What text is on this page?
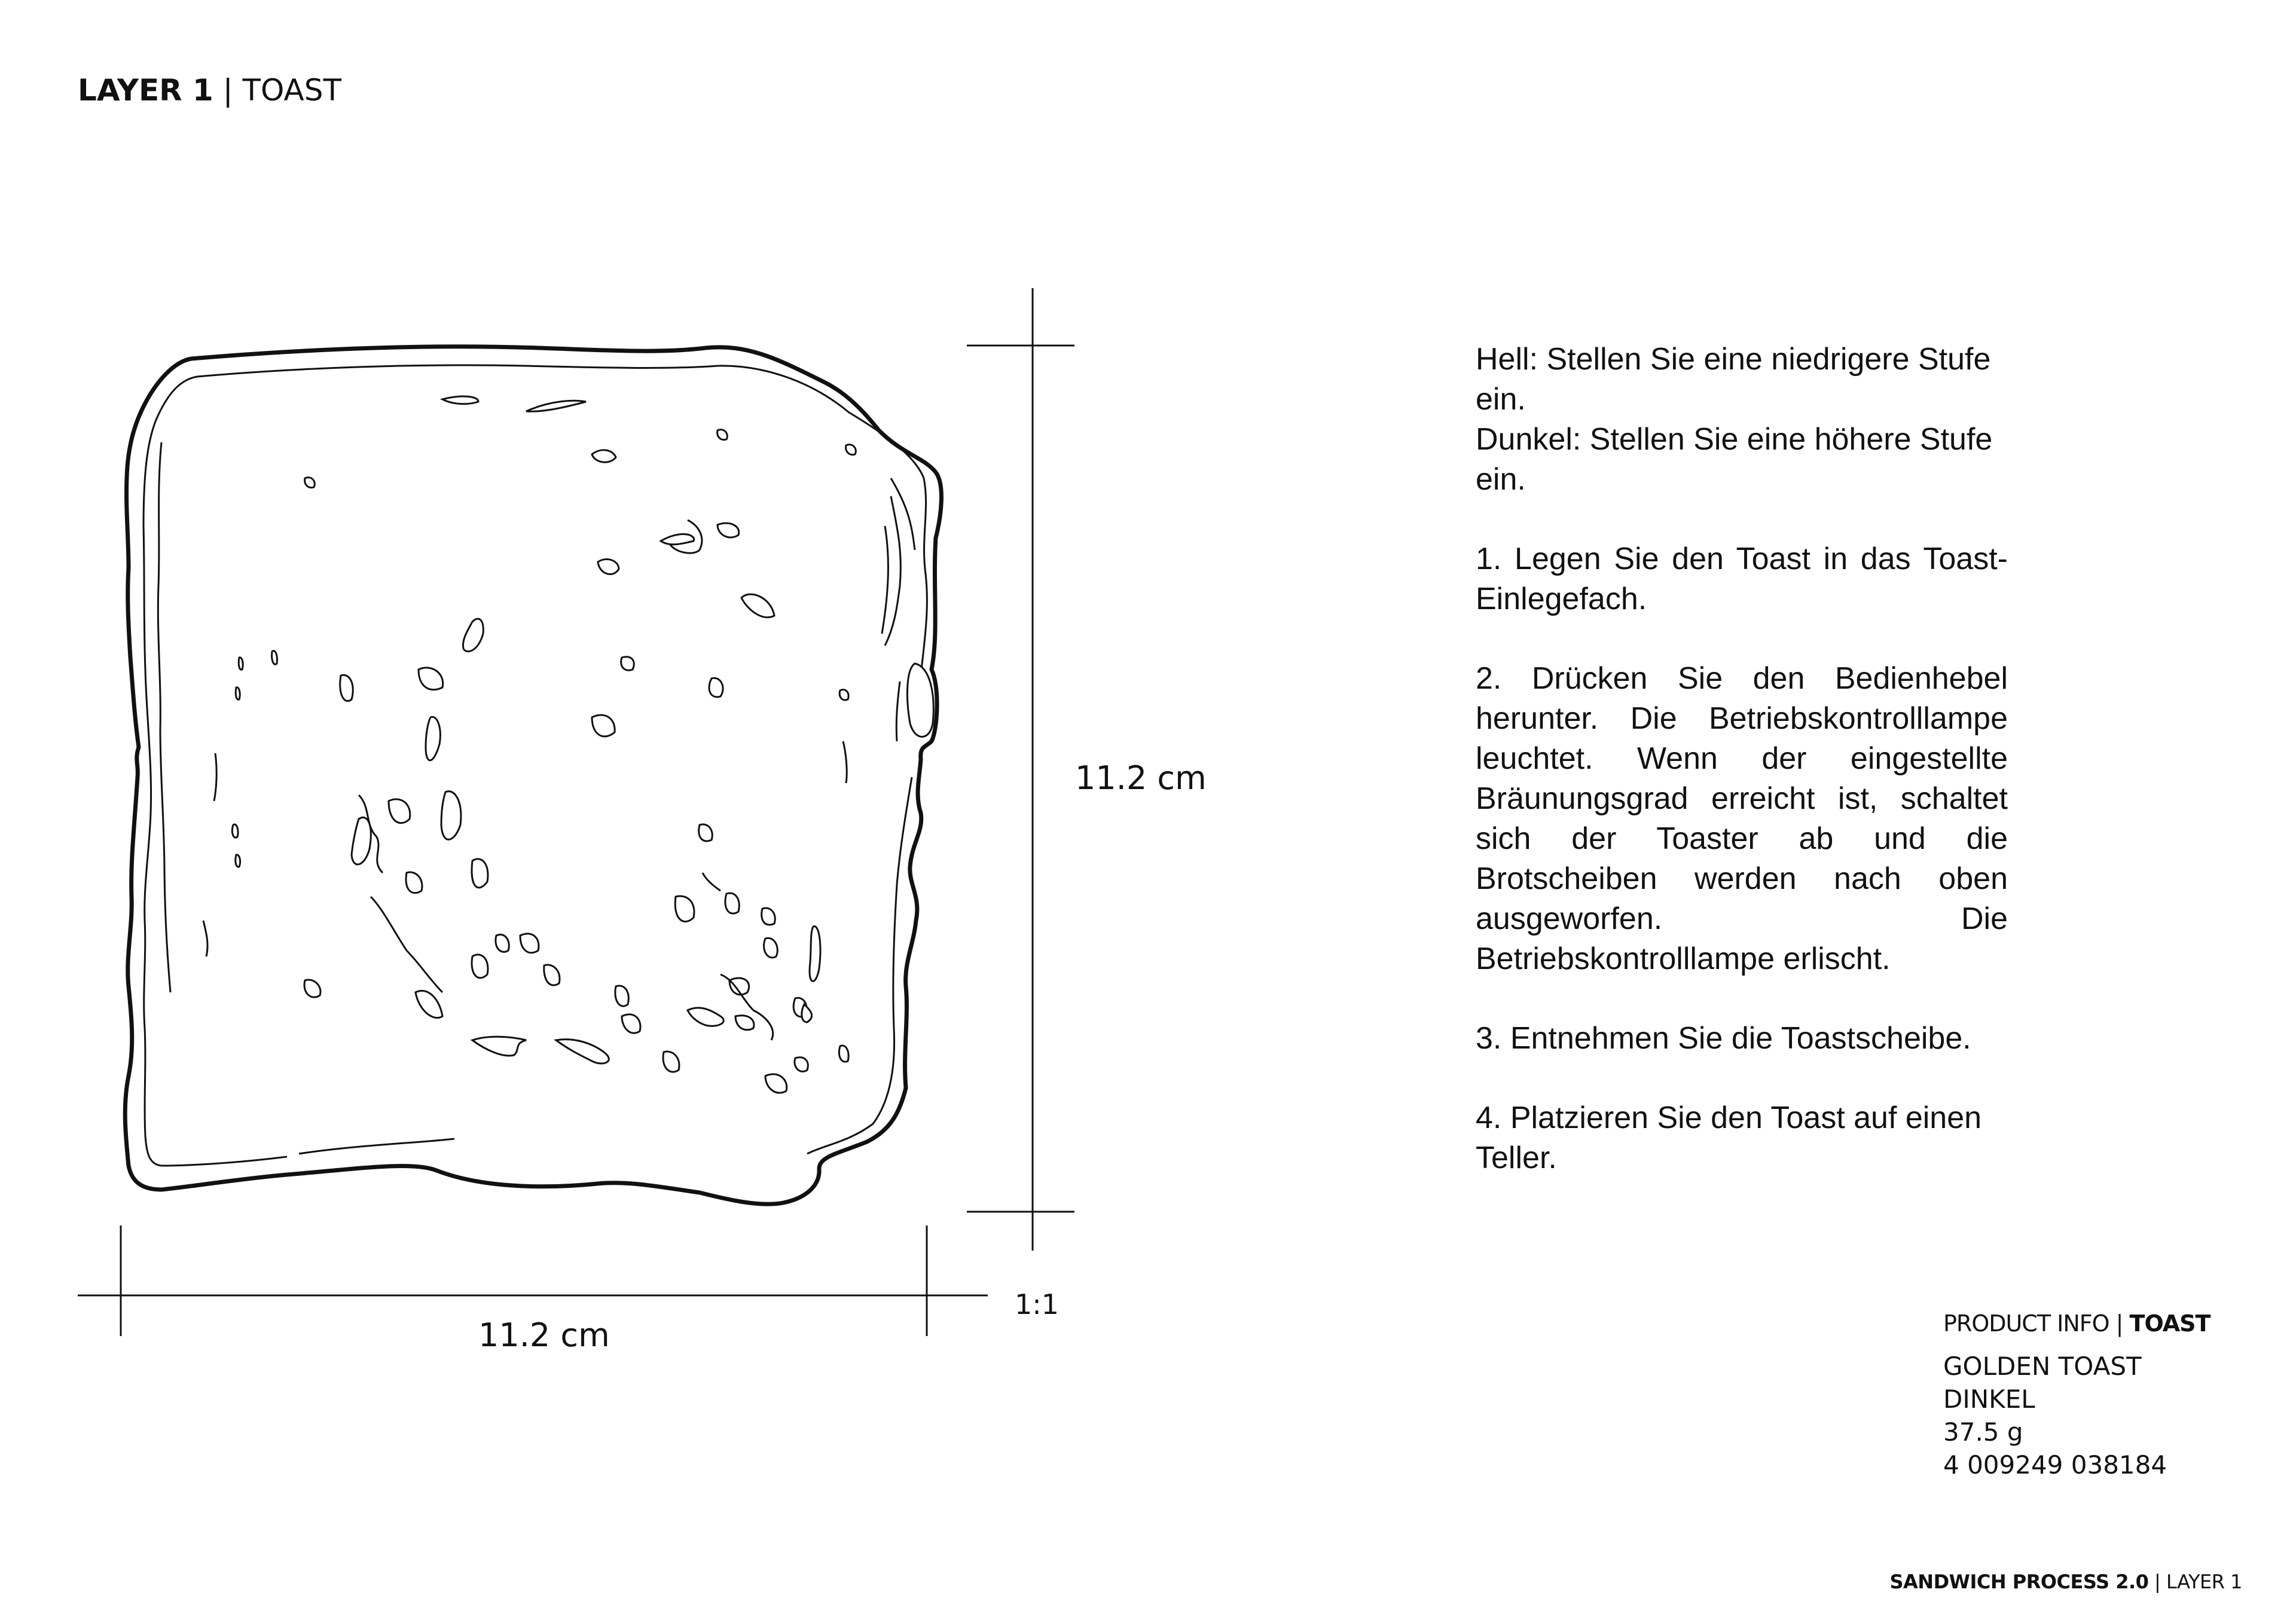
LAYER 1 | TOAST
11.2 cm
11.2 cm
1:1

Hell: Stellen Sie eine niedrigere Stufe ein.
Dunkel: Stellen Sie eine höhere Stufe ein.

1. Legen Sie den Toast in das Toast-Einlegefach.

2. Drücken Sie den Bedienhebel herunter. Die Betriebskontrolllampe leuchtet. Wenn der eingestellte Bräunungsgrad erreicht ist, schaltet sich der Toaster ab und die Brotscheiben werden nach oben ausgeworfen. Die Betriebskontrolllampe erlischt.

3. Entnehmen Sie die Toastscheibe.

4. Platzieren Sie den Toast auf einen Teller.

PRODUCT INFO | TOAST
GOLDEN TOAST
DINKEL
37.5 g
4 009249 038184
SANDWICH PROCESS 2.0 | LAYER 1
